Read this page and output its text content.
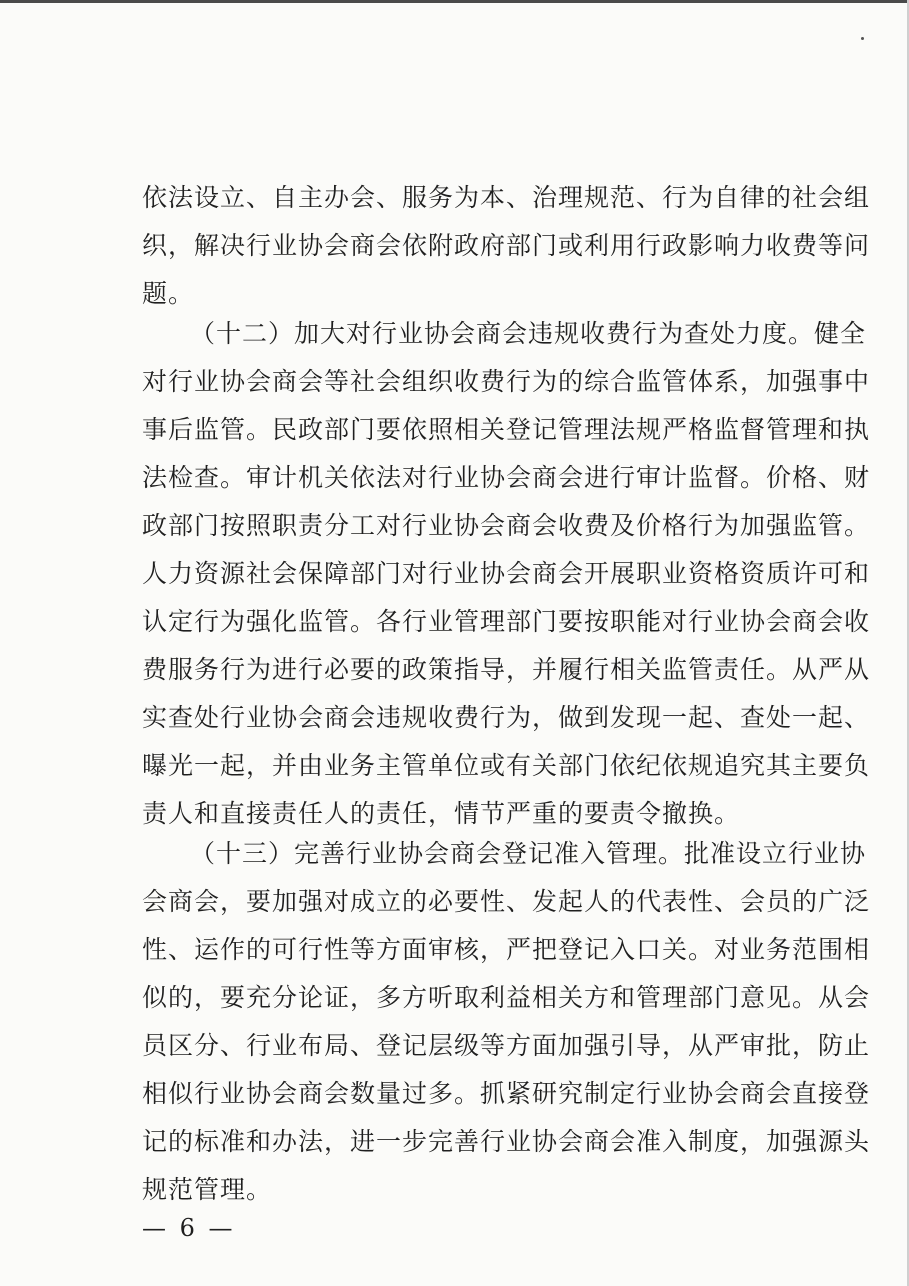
依法设立、自主办会、服务为本、治理规范、行为自律的社会组
织，解决行业协会商会依附政府部门或利用行政影响力收费等问
题。
（十二）加大对行业协会商会违规收费行为查处力度。健全
对行业协会商会等社会组织收费行为的综合监管体系，加强事中
事后监管。民政部门要依照相关登记管理法规严格监督管理和执
法检查。审计机关依法对行业协会商会进行审计监督。价格、财
政部门按照职责分工对行业协会商会收费及价格行为加强监管。
人力资源社会保障部门对行业协会商会开展职业资格资质许可和
认定行为强化监管。各行业管理部门要按职能对行业协会商会收
费服务行为进行必要的政策指导，并履行相关监管责任。从严从
实查处行业协会商会违规收费行为，做到发现一起、查处一起、
曝光一起，并由业务主管单位或有关部门依纪依规追究其主要负
责人和直接责任人的责任，情节严重的要责令撤换。
（十三）完善行业协会商会登记准入管理。批准设立行业协
会商会，要加强对成立的必要性、发起人的代表性、会员的广泛
性、运作的可行性等方面审核，严把登记入口关。对业务范围相
似的，要充分论证，多方听取利益相关方和管理部门意见。从会
员区分、行业布局、登记层级等方面加强引导，从严审批，防止
相似行业协会商会数量过多。抓紧研究制定行业协会商会直接登
记的标准和办法，进一步完善行业协会商会准入制度，加强源头
规范管理。
— 6 —
